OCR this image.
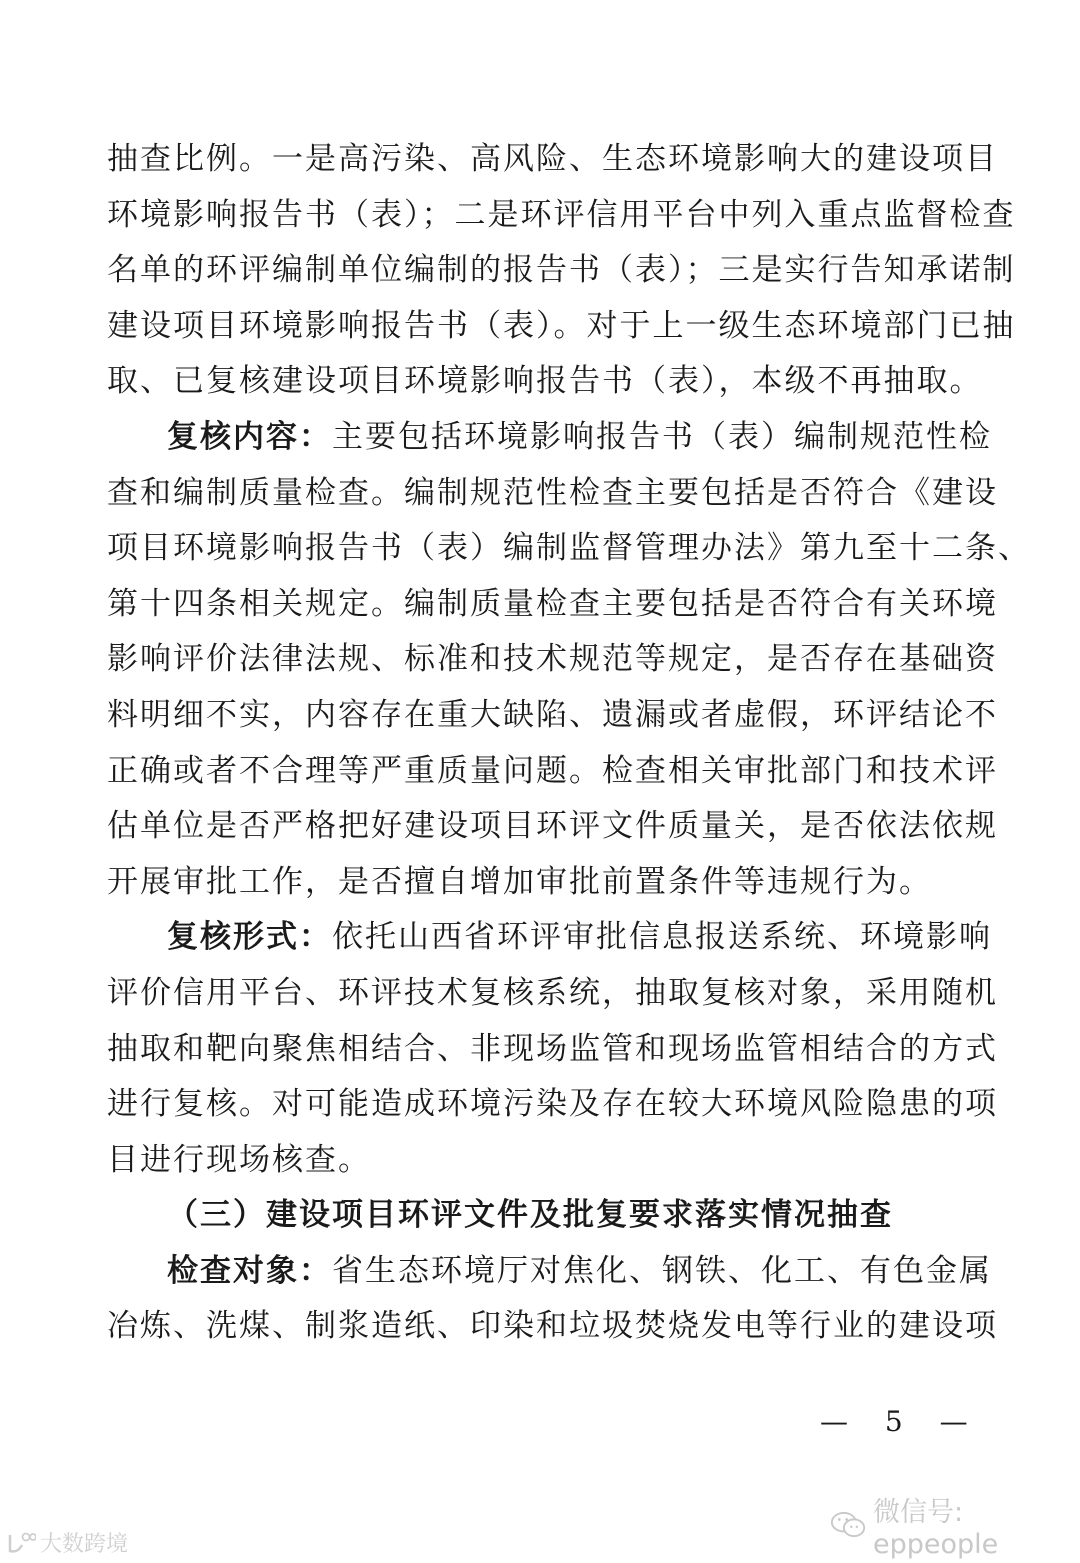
抽查比例。一是高污染、高风险、生态环境影响大的建设项目
环境影响报告书（表）；二是环评信用平台中列入重点监督检查
名单的环评编制单位编制的报告书（表）；三是实行告知承诺制
建设项目环境影响报告书（表）。对于上一级生态环境部门已抽
取、已复核建设项目环境影响报告书（表），本级不再抽取。
复核内容：主要包括环境影响报告书（表）编制规范性检
查和编制质量检查。编制规范性检查主要包括是否符合《建设
项目环境影响报告书（表）编制监督管理办法》第九至十二条、
第十四条相关规定。编制质量检查主要包括是否符合有关环境
影响评价法律法规、标准和技术规范等规定，是否存在基础资
料明细不实，内容存在重大缺陷、遗漏或者虚假，环评结论不
正确或者不合理等严重质量问题。检查相关审批部门和技术评
估单位是否严格把好建设项目环评文件质量关，是否依法依规
开展审批工作，是否擅自增加审批前置条件等违规行为。
复核形式：依托山西省环评审批信息报送系统、环境影响
评价信用平台、环评技术复核系统，抽取复核对象，采用随机
抽取和靶向聚焦相结合、非现场监管和现场监管相结合的方式
进行复核。对可能造成环境污染及存在较大环境风险隐患的项
目进行现场核查。
（三）建设项目环评文件及批复要求落实情况抽查
检查对象：省生态环境厅对焦化、钢铁、化工、有色金属
冶炼、洗煤、制浆造纸、印染和垃圾焚烧发电等行业的建设项
— 5 —
微信号: eppeople
大数跨境
